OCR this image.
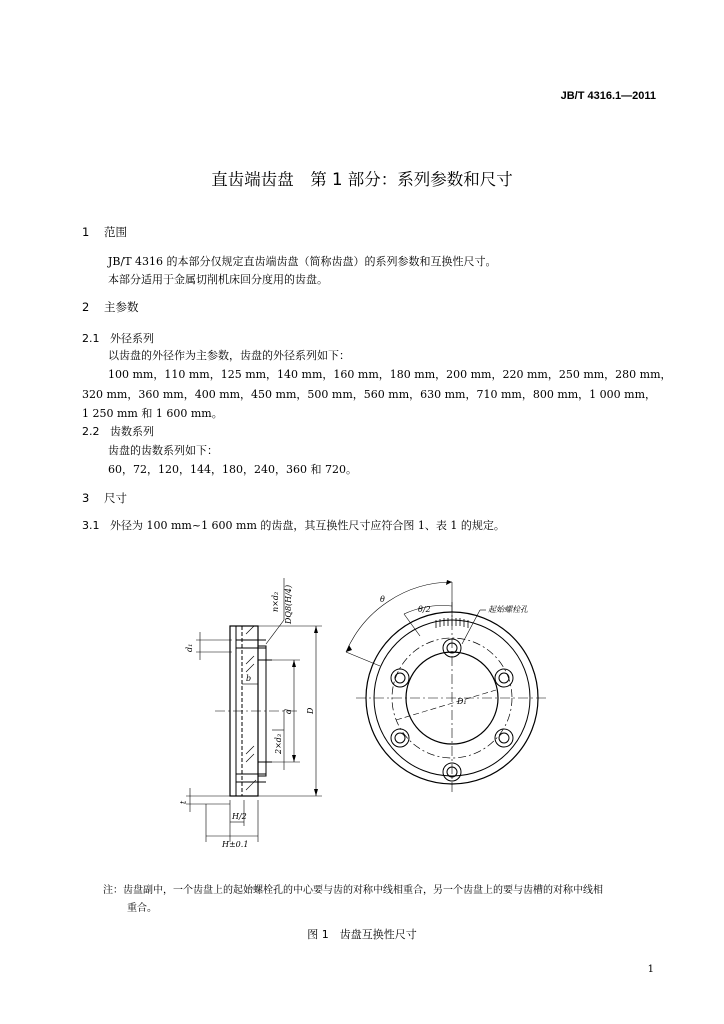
JB/T 4316.1—2011
直齿端齿盘　第 1 部分：系列参数和尺寸
1 范围
JB/T 4316 的本部分仅规定直齿端齿盘（简称齿盘）的系列参数和互换性尺寸。
本部分适用于金属切削机床回分度用的齿盘。
2 主参数
2.1 外径系列
以齿盘的外径作为主参数，齿盘的外径系列如下：
100 mm，110 mm，125 mm，140 mm，160 mm，180 mm，200 mm，220 mm，250 mm，280 mm，
320 mm，360 mm，400 mm，450 mm，500 mm，560 mm，630 mm，710 mm，800 mm，1 000 mm，
1 250 mm 和 1 600 mm。
2.2 齿数系列
齿盘的齿数系列如下：
60，72，120，144，180，240，360 和 720。
3 尺寸
3.1 外径为 100 mm~1 600 mm 的齿盘，其互换性尺寸应符合图 1、表 1 的规定。
n×d₂ DQ8(H/4)
d₁
b
d D
2×d₃
t
H/2
H±0.1
θ
θ/2
D₁
起始螺栓孔
注：齿盘副中，一个齿盘上的起始螺栓孔的中心要与齿的对称中线相重合，另一个齿盘上的要与齿槽的对称中线相
重合。
图 1　齿盘互换性尺寸
1
